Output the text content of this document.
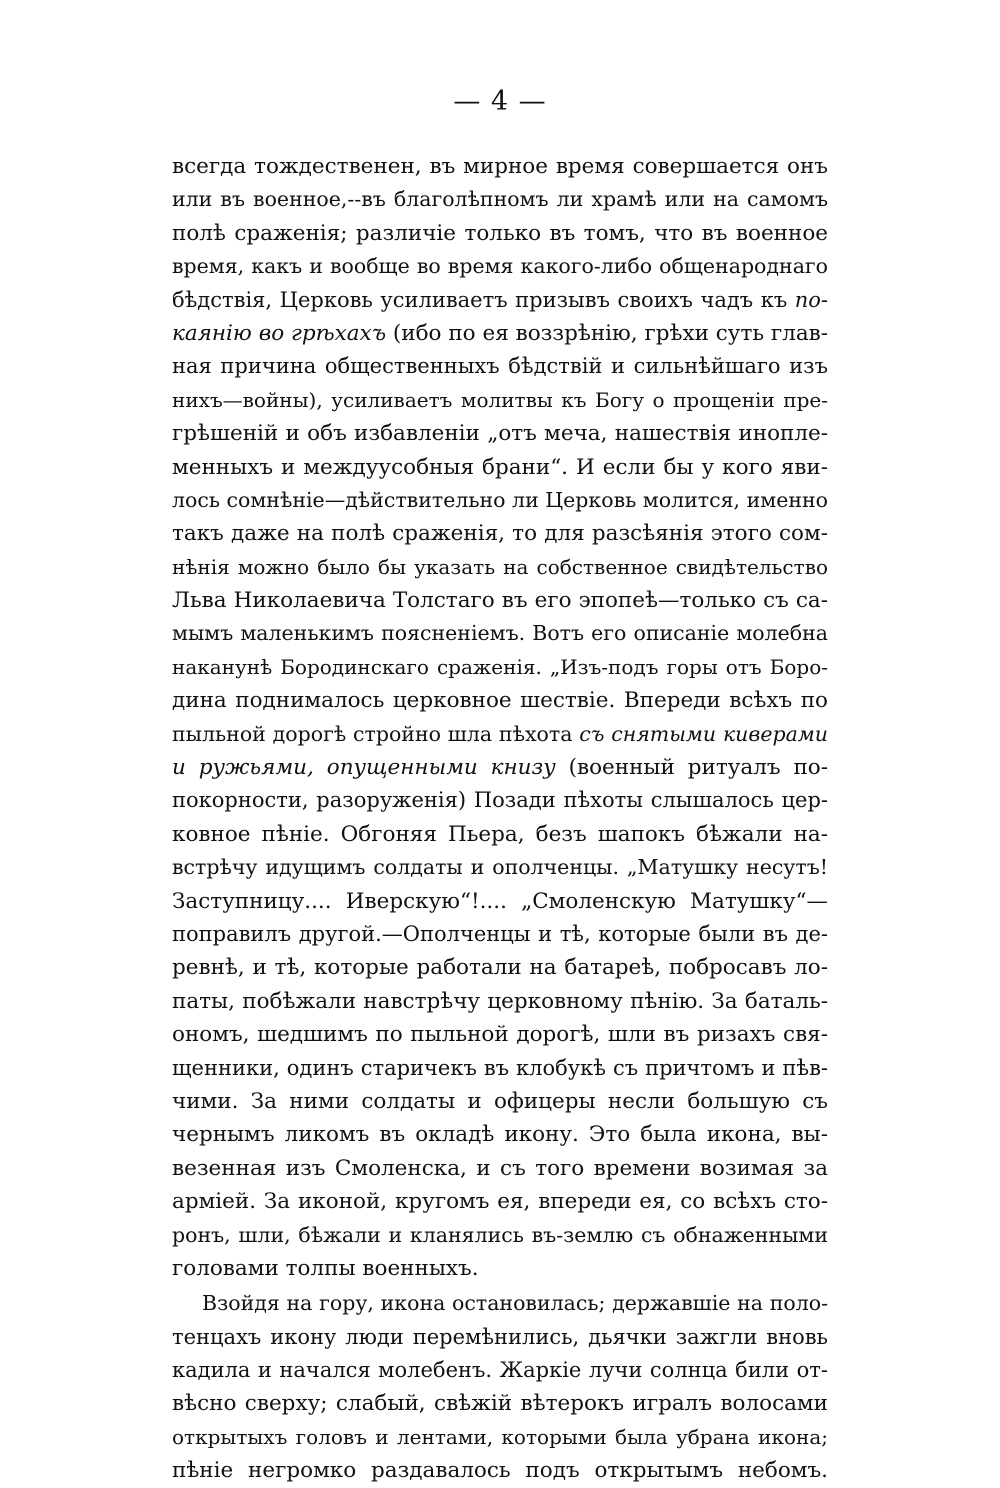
— 4 —
всегда тождественен, въ мирное время совершается онъ
или въ военное,--въ благолѣпномъ ли храмѣ или на самомъ
полѣ сраженія; различіе только въ томъ, что въ военное
время, какъ и вообще во время какого-либо общенароднаго
бѣдствія, Церковь усиливаетъ призывъ своихъ чадъ къ по-
каянію во грѣхахъ (ибо по ея воззрѣнію, грѣхи суть глав-
ная причина общественныхъ бѣдствій и сильнѣйшаго изъ
нихъ—войны), усиливаетъ молитвы къ Богу о прощеніи пре-
грѣшеній и объ избавленіи „отъ меча, нашествія инопле-
менныхъ и междуусобныя брани“. И если бы у кого яви-
лось сомнѣніе—дѣйствительно ли Церковь молится, именно
такъ даже на полѣ сраженія, то для разсѣянія этого сом-
нѣнія можно было бы указать на собственное свидѣтельство
Льва Николаевича Толстаго въ его эпопеѣ—только съ са-
мымъ маленькимъ поясненіемъ. Вотъ его описаніе молебна
наканунѣ Бородинскаго сраженія. „Изъ-подъ горы отъ Боро-
дина поднималось церковное шествіе. Впереди всѣхъ по
пыльной дорогѣ стройно шла пѣхота съ снятыми киверами
и ружьями, опущенными книзу (военный ритуалъ по-
покорности, разоруженія) Позади пѣхоты слышалось цер-
ковное пѣніе. Обгоняя Пьера, безъ шапокъ бѣжали на-
встрѣчу идущимъ солдаты и ополченцы. „Матушку несутъ!
Заступницу.... Иверскую“!.... „Смоленскую Матушку“—
поправилъ другой.—Ополченцы и тѣ, которые были въ де-
ревнѣ, и тѣ, которые работали на батареѣ, побросавъ ло-
паты, побѣжали навстрѣчу церковному пѣнію. За баталь-
ономъ, шедшимъ по пыльной дорогѣ, шли въ ризахъ свя-
щенники, одинъ старичекъ въ клобукѣ съ причтомъ и пѣв-
чими. За ними солдаты и офицеры несли большую съ
чернымъ ликомъ въ окладѣ икону. Это была икона, вы-
везенная изъ Смоленска, и съ того времени возимая за
арміей. За иконой, кругомъ ея, впереди ея, со всѣхъ сто-
ронъ, шли, бѣжали и кланялись въ-землю съ обнаженными
головами толпы военныхъ.
Взойдя на гору, икона остановилась; державшіе на поло-
тенцахъ икону люди перемѣнились, дьячки зажгли вновь
кадила и начался молебенъ. Жаркіе лучи солнца били от-
вѣсно сверху; слабый, свѣжій вѣтерокъ игралъ волосами
открытыхъ головъ и лентами, которыми была убрана икона;
пѣніе негромко раздавалось подъ открытымъ небомъ.
